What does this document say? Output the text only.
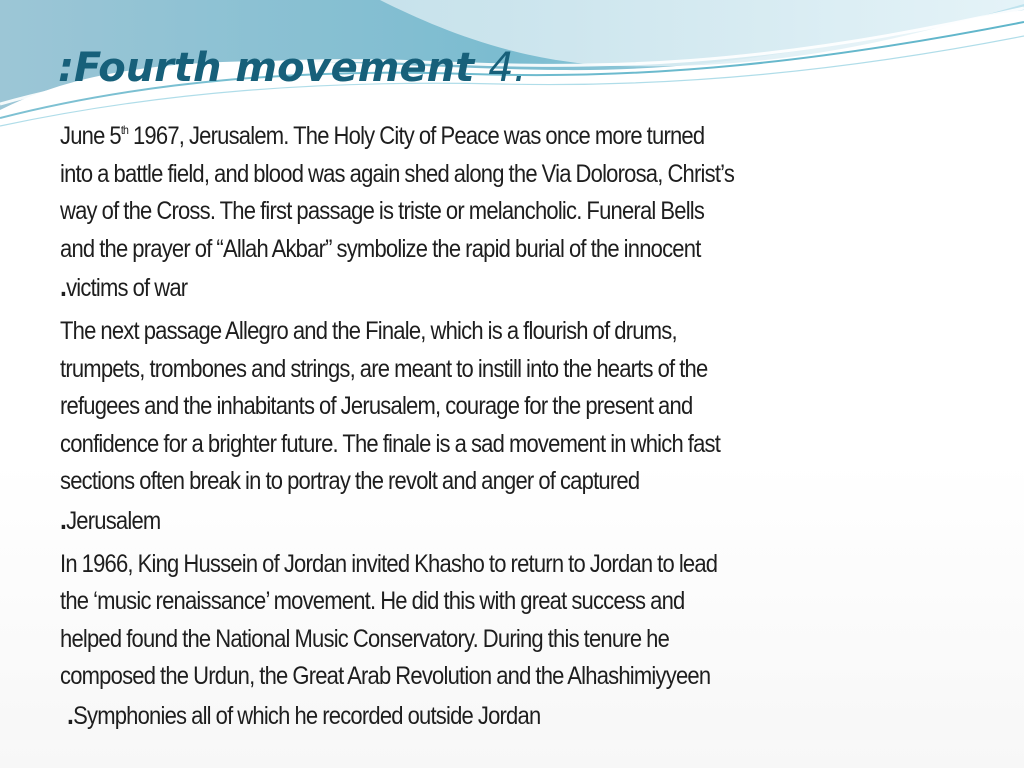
:Fourth movement 4.

June 5th 1967, Jerusalem. The Holy City of Peace was once more turned
into a battle field, and blood was again shed along the Via Dolorosa, Christ’s
way of the Cross. The first passage is triste or melancholic. Funeral Bells
and the prayer of “Allah Akbar” symbolize the rapid burial of the innocent
.victims of war

The next passage Allegro and the Finale, which is a flourish of drums,
trumpets, trombones and strings, are meant to instill into the hearts of the
refugees and the inhabitants of Jerusalem, courage for the present and
confidence for a brighter future. The finale is a sad movement in which fast
sections often break in to portray the revolt and anger of captured
.Jerusalem

In 1966, King Hussein of Jordan invited Khasho to return to Jordan to lead
the ‘music renaissance’ movement. He did this with great success and
helped found the National Music Conservatory. During this tenure he
composed the Urdun, the Great Arab Revolution and the Alhashimiyyeen
.Symphonies all of which he recorded outside Jordan
